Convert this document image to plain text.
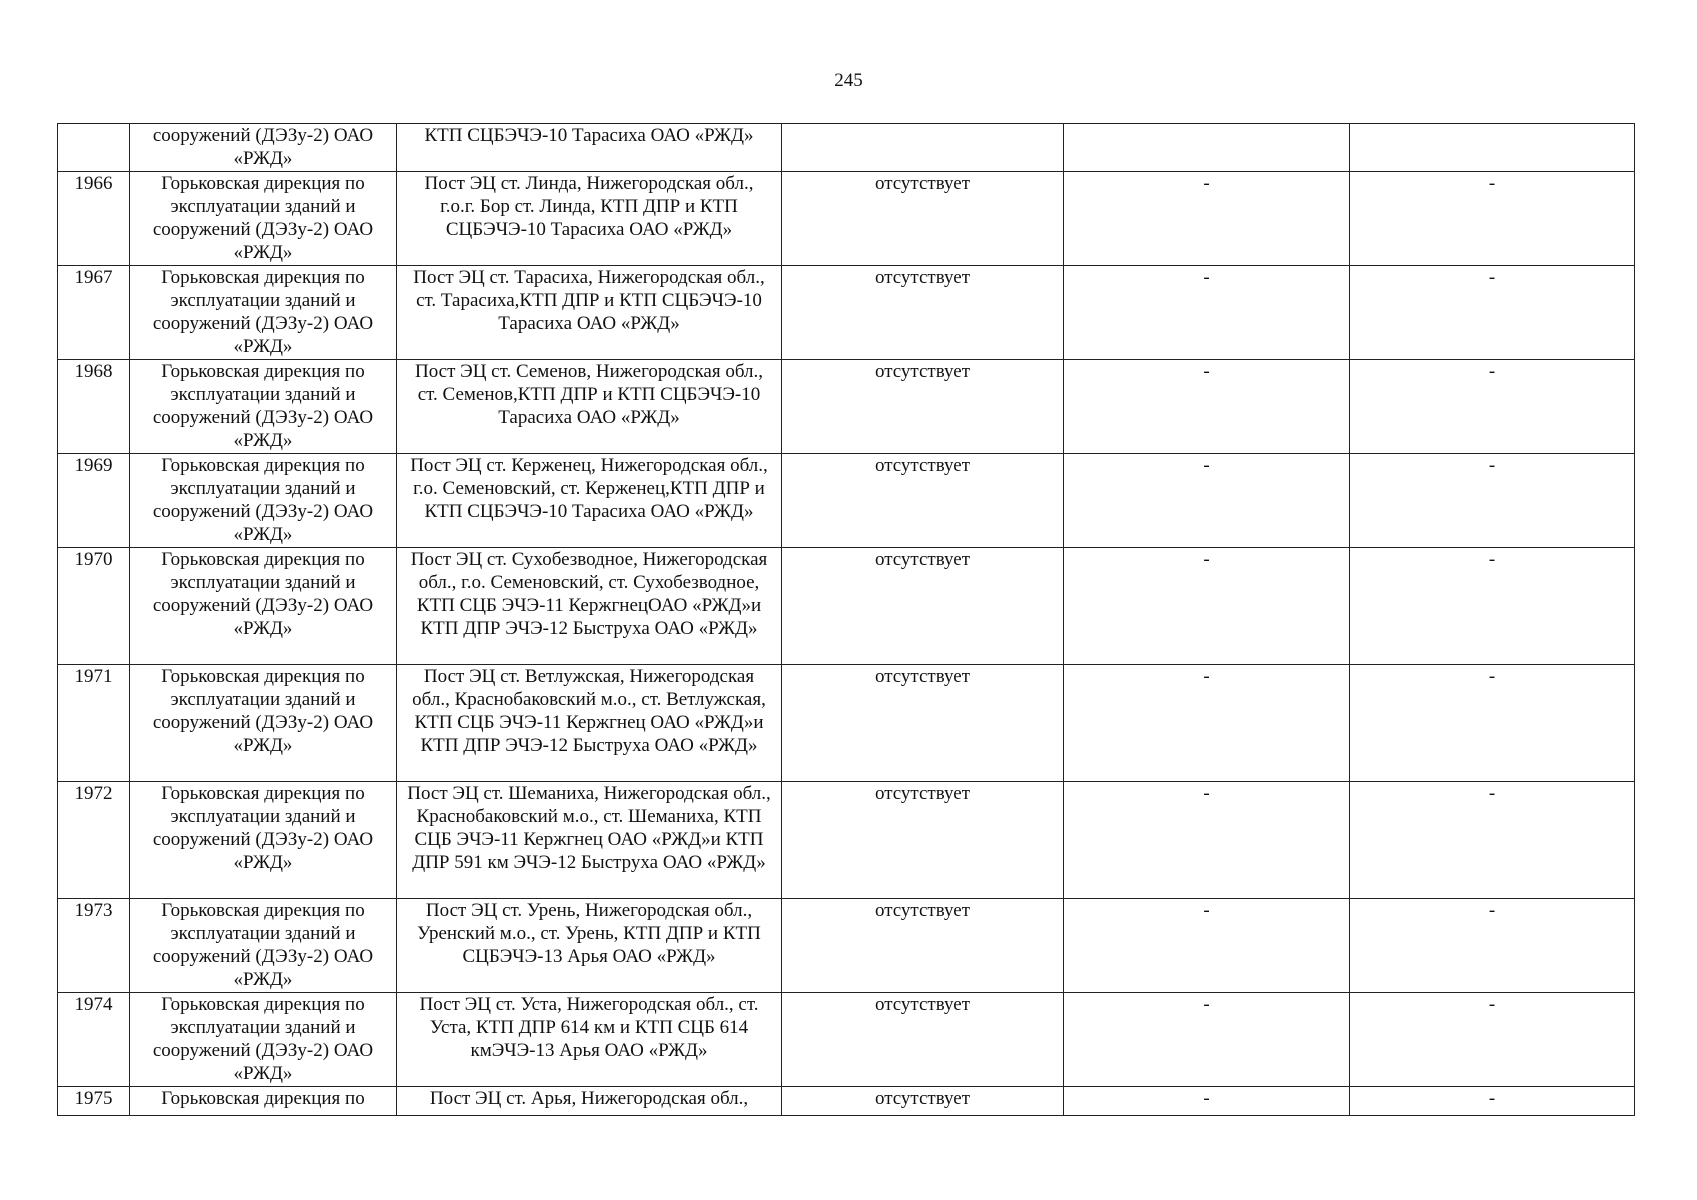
245
	сооружений (ДЭЗу-2) ОАО «РЖД»	КТП СЦБЭЧЭ-10 Тарасиха ОАО «РЖД»			
1966	Горьковская дирекция по эксплуатации зданий и сооружений (ДЭЗу-2) ОАО «РЖД»	Пост ЭЦ ст. Линда, Нижегородская обл., г.о.г. Бор ст. Линда, КТП ДПР и КТП СЦБЭЧЭ-10 Тарасиха ОАО «РЖД»	отсутствует	-	-
1967	Горьковская дирекция по эксплуатации зданий и сооружений (ДЭЗу-2) ОАО «РЖД»	Пост ЭЦ ст. Тарасиха, Нижегородская обл., ст. Тарасиха,КТП ДПР и КТП СЦБЭЧЭ-10 Тарасиха ОАО «РЖД»	отсутствует	-	-
1968	Горьковская дирекция по эксплуатации зданий и сооружений (ДЭЗу-2) ОАО «РЖД»	Пост ЭЦ ст. Семенов, Нижегородская обл., ст. Семенов,КТП ДПР и КТП СЦБЭЧЭ-10 Тарасиха ОАО «РЖД»	отсутствует	-	-
1969	Горьковская дирекция по эксплуатации зданий и сооружений (ДЭЗу-2) ОАО «РЖД»	Пост ЭЦ ст. Керженец, Нижегородская обл., г.о. Семеновский, ст. Керженец,КТП ДПР и КТП СЦБЭЧЭ-10 Тарасиха ОАО «РЖД»	отсутствует	-	-
1970	Горьковская дирекция по эксплуатации зданий и сооружений (ДЭЗу-2) ОАО «РЖД»	Пост ЭЦ ст. Сухобезводное, Нижегородская обл., г.о. Семеновский, ст. Сухобезводное, КТП СЦБ ЭЧЭ-11 КержгнецОАО «РЖД»и КТП ДПР ЭЧЭ-12 Быструха ОАО «РЖД»	отсутствует	-	-
1971	Горьковская дирекция по эксплуатации зданий и сооружений (ДЭЗу-2) ОАО «РЖД»	Пост ЭЦ ст. Ветлужская, Нижегородская обл., Краснобаковский м.о., ст. Ветлужская, КТП СЦБ ЭЧЭ-11 Кержгнец ОАО «РЖД»и КТП ДПР ЭЧЭ-12 Быструха ОАО «РЖД»	отсутствует	-	-
1972	Горьковская дирекция по эксплуатации зданий и сооружений (ДЭЗу-2) ОАО «РЖД»	Пост ЭЦ ст. Шеманиха, Нижегородская обл., Краснобаковский м.о., ст. Шеманиха, КТП СЦБ ЭЧЭ-11 Кержгнец ОАО «РЖД»и КТП ДПР 591 км ЭЧЭ-12 Быструха ОАО «РЖД»	отсутствует	-	-
1973	Горьковская дирекция по эксплуатации зданий и сооружений (ДЭЗу-2) ОАО «РЖД»	Пост ЭЦ ст. Урень, Нижегородская обл., Уренский м.о., ст. Урень, КТП ДПР и КТП СЦБЭЧЭ-13 Арья ОАО «РЖД»	отсутствует	-	-
1974	Горьковская дирекция по эксплуатации зданий и сооружений (ДЭЗу-2) ОАО «РЖД»	Пост ЭЦ ст. Уста, Нижегородская обл., ст. Уста, КТП ДПР 614 км и КТП СЦБ 614 кмЭЧЭ-13 Арья ОАО «РЖД»	отсутствует	-	-
1975	Горьковская дирекция по	Пост ЭЦ ст. Арья, Нижегородская обл.,	отсутствует	-	-
